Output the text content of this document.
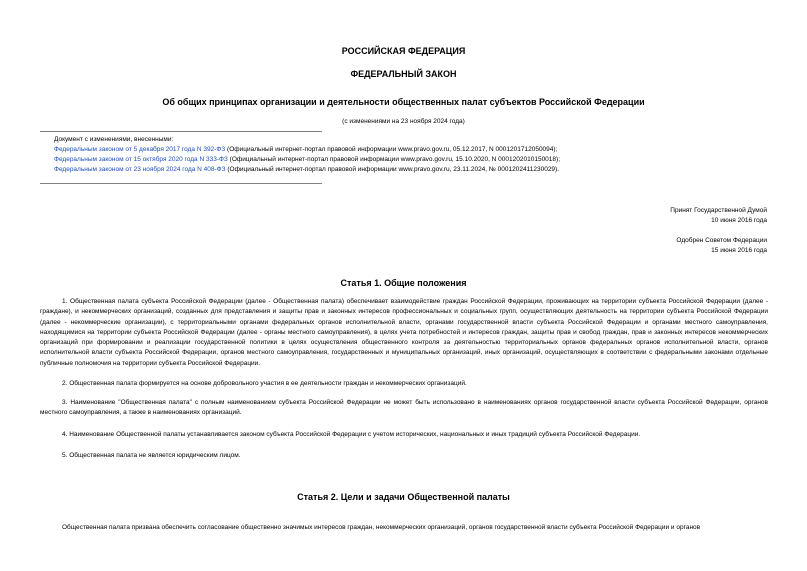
РОССИЙСКАЯ ФЕДЕРАЦИЯ
ФЕДЕРАЛЬНЫЙ ЗАКОН
Об общих принципах организации и деятельности общественных палат субъектов Российской Федерации
(с изменениями на 23 ноября 2024 года)
Документ с изменениями, внесенными:
Федеральным законом от 5 декабря 2017 года N 392-ФЗ (Официальный интернет-портал правовой информации www.pravo.gov.ru, 05.12.2017, N 0001201712050094);
Федеральным законом от 15 октября 2020 года N 333-ФЗ (Официальный интернет-портал правовой информации www.pravo.gov.ru, 15.10.2020, N 0001202010150018);
Федеральным законом от 23 ноября 2024 года N 408-ФЗ (Официальный интернет-портал правовой информации www.pravo.gov.ru, 23.11.2024, № 0001202411230029).
Принят Государственной Думой
10 июня 2016 года
Одобрен Советом Федерации
15 июня 2016 года
Статья 1. Общие положения
1. Общественная палата субъекта Российской Федерации (далее - Общественная палата) обеспечивает взаимодействие граждан Российской Федерации, проживающих на территории субъекта Российской Федерации (далее - граждане), и некоммерческих организаций, созданных для представления и защиты прав и законных интересов профессиональных и социальных групп, осуществляющих деятельность на территории субъекта Российской Федерации (далее - некоммерческие организации), с территориальными органами федеральных органов исполнительной власти, органами государственной власти субъекта Российской Федерации и органами местного самоуправления, находящимися на территории субъекта Российской Федерации (далее - органы местного самоуправления), в целях учета потребностей и интересов граждан, защиты прав и свобод граждан, прав и законных интересов некоммерческих организаций при формировании и реализации государственной политики в целях осуществления общественного контроля за деятельностью территориальных органов федеральных органов исполнительной власти, органов исполнительной власти субъекта Российской Федерации, органов местного самоуправления, государственных и муниципальных организаций, иных организаций, осуществляющих в соответствии с федеральными законами отдельные публичные полномочия на территории субъекта Российской Федерации.
2. Общественная палата формируется на основе добровольного участия в ее деятельности граждан и некоммерческих организаций.
3. Наименование "Общественная палата" с полным наименованием субъекта Российской Федерации не может быть использовано в наименованиях органов государственной власти субъекта Российской Федерации, органов местного самоуправления, а также в наименованиях организаций.
4. Наименование Общественной палаты устанавливается законом субъекта Российской Федерации с учетом исторических, национальных и иных традиций субъекта Российской Федерации.
5. Общественная палата не является юридическим лицом.
Статья 2. Цели и задачи Общественной палаты
Общественная палата призвана обеспечить согласование общественно значимых интересов граждан, некоммерческих организаций, органов государственной власти субъекта Российской Федерации и органов
